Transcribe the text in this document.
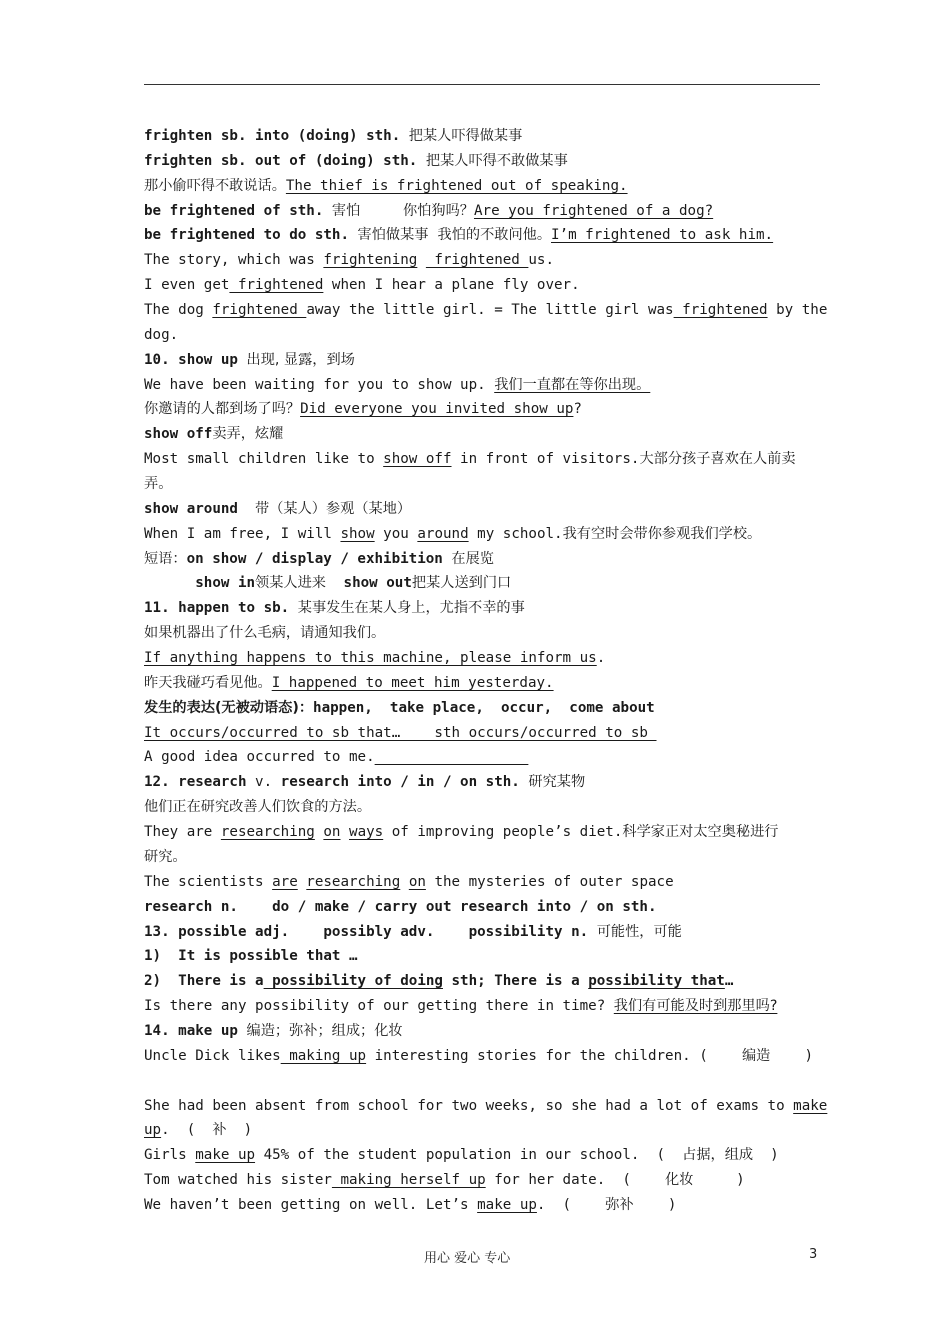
frighten sb. into (doing) sth. 把某人吓得做某事
frighten sb. out of (doing) sth. 把某人吓得不敢做某事
那小偷吓得不敢说话。The thief is frightened out of speaking.
be frightened of sth. 害怕	你怕狗吗？Are you frightened of a dog?
be frightened to do sth. 害怕做某事  我怕的不敢问他。I’m frightened to ask him.
The story, which was frightening  frightened us.
I even get frightened when I hear a plane fly over.
The dog frightened away the little girl. = The little girl was frightened by the
dog.
10. show up 出现, 显露，到场
We have been waiting for you to show up. 我们一直都在等你出现。
你邀请的人都到场了吗？Did everyone you invited show up?
show off卖弄，炫耀
Most small children like to show off in front of visitors.大部分孩子喜欢在人前卖
弄。
show around  带（某人）参观（某地）
When I am free, I will show you around my school.我有空时会带你参观我们学校。
短语：on show / display / exhibition 在展览
show in领某人进来   show out把某人送到门口
11. happen to sb. 某事发生在某人身上，尤指不幸的事
如果机器出了什么毛病，请通知我们。
If anything happens to this machine, please inform us.
昨天我碰巧看见他。I happened to meet him yesterday.
发生的表达(无被动语态)：happen,  take place,  occur,  come about
It occurs/occurred to sb that…    sth occurs/occurred to sb
A good idea occurred to me.
12. research v. research into / in / on sth. 研究某物
他们正在研究改善人们饮食的方法。
They are researching on ways of improving people’s diet.科学家正对太空奥秘进行
研究。
The scientists are researching on the mysteries of outer space
research n.    do / make / carry out research into / on sth.
13. possible adj.    possibly adv.    possibility n. 可能性，可能
1)  It is possible that …
2)  There is a possibility of doing sth; There is a possibility that…
Is there any possibility of our getting there in time? 我们有可能及时到那里吗?
14. make up 编造；弥补；组成；化妆
Uncle Dick likes making up interesting stories for the children. (    编造    )
She had been absent from school for two weeks, so she had a lot of exams to make
up.  (  补  )
Girls make up 45% of the student population in our school.  (  占据，组成  )
Tom watched his sister making herself up for her date.  (    化妆     )
We haven’t been getting on well. Let’s make up.  (    弥补    )
用心 爱心 专心	3
